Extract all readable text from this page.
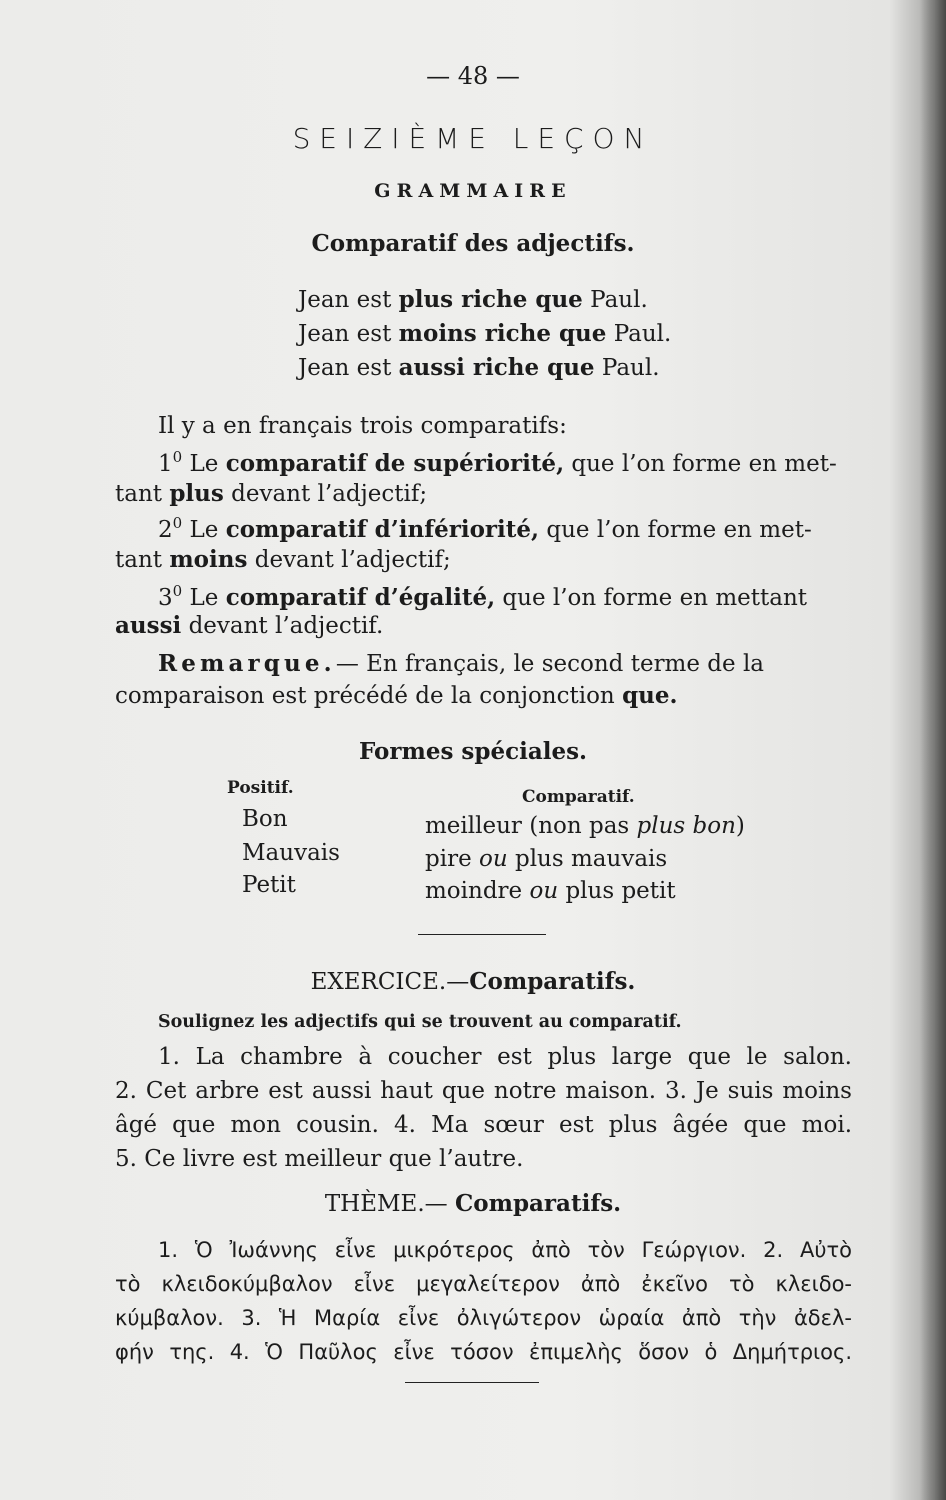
— 48 —
SEIZIÈME LEÇON
GRAMMAIRE
Comparatif des adjectifs.
Jean est plus riche que Paul.
Jean est moins riche que Paul.
Jean est aussi riche que Paul.
Il y a en français trois comparatifs:
$1^0$ Le comparatif de supériorité, que l’on forme en met-
tant plus devant l’adjectif;
$2^0$ Le comparatif d’infériorité, que l’on forme en met-
tant moins devant l’adjectif;
$3^0$ Le comparatif d’égalité, que l’on forme en mettant
aussi devant l’adjectif.
Remarque.— En français, le second terme de la
comparaison est précédé de la conjonction que.
Formes spéciales.
Positif.	Comparatif.
Bon	meilleur (non pas plus bon)
Mauvais	pire ou plus mauvais
Petit	moindre ou plus petit
EXERCICE.—Comparatifs.
Soulignez les adjectifs qui se trouvent au comparatif.
1. La chambre à coucher est plus large que le salon.
2. Cet arbre est aussi haut que notre maison. 3. Je suis moins
âgé que mon cousin. 4. Ma sœur est plus âgée que moi.
5. Ce livre est meilleur que l’autre.
THÈME.— Comparatifs.
1. Ὁ Ἰωάννης εἶνε μικρότερος ἀπὸ τὸν Γεώργιον. 2. Αὐτὸ
τὸ κλειδοκύμβαλον εἶνε μεγαλείτερον ἀπὸ ἐκεῖνο τὸ κλειδο-
κύμβαλον. 3. Ἡ Μαρία εἶνε ὀλιγώτερον ὡραία ἀπὸ τὴν ἀδελ-
φήν της. 4. Ὁ Παῦλος εἶνε τόσον ἐπιμελὴς ὅσον ὁ Δημήτριος.
